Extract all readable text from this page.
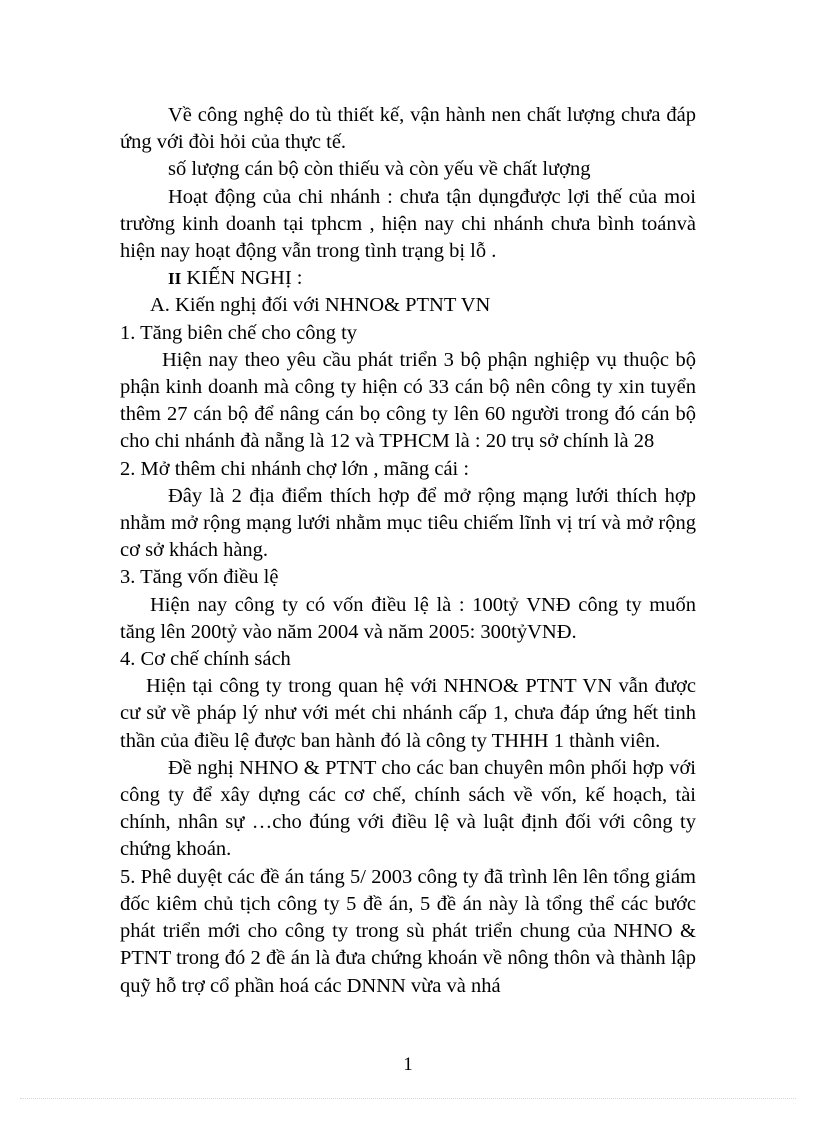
Về công nghệ do tù thiết kế, vận hành nen chất lượng chưa đáp ứng với đòi hỏi của thực tế.

số lượng cán bộ còn thiếu và còn yếu về chất lượng

Hoạt động của chi nhánh : chưa tận dụngđược lợi thế của moi trường kinh doanh tại tphcm , hiện nay chi nhánh chưa bình toánvà hiện nay hoạt động vẫn trong tình trạng bị lỗ .

II KIẾN NGHỊ :

A. Kiến nghị đối với NHNO& PTNT VN

1. Tăng biên chế cho công ty

Hiện nay theo yêu cầu phát triển 3 bộ phận nghiệp vụ thuộc bộ phận kinh doanh mà công ty hiện có 33 cán bộ nên công ty xin tuyển thêm 27 cán bộ để nâng cán bọ công ty lên 60 người trong đó cán bộ cho chi nhánh đà nẵng là 12 và TPHCM là : 20 trụ sở chính là 28

2. Mở thêm chi nhánh chợ lớn , mãng cái :

Đây là 2 địa điểm thích hợp để mở rộng mạng lưới thích hợp nhằm mở rộng mạng lưới nhằm mục tiêu chiếm lĩnh vị trí và mở rộng cơ sở khách hàng.

3. Tăng vốn điều lệ

Hiện nay công ty có vốn điều lệ là : 100tỷ VNĐ công ty muốn tăng lên 200tỷ vào năm 2004 và năm 2005: 300tỷVNĐ.

4. Cơ chế chính sách

Hiện tại công ty trong quan hệ với NHNO& PTNT VN vẫn được cư sử về pháp lý như với mét chi nhánh cấp 1, chưa đáp ứng hết tinh thần của điều lệ được ban hành đó là công ty THHH 1 thành viên.

Đề nghị NHNO & PTNT cho các ban chuyên môn phối hợp với công ty để xây dựng các cơ chế, chính sách về vốn, kế hoạch, tài chính, nhân sự …cho đúng với điều lệ và luật định đối với công ty chứng khoán.

5. Phê duyệt các đề án táng 5/ 2003 công ty đã trình lên lên tổng giám đốc kiêm chủ tịch công ty 5 đề án, 5 đề án này là tổng thể các bước phát triển mới cho công ty trong sù phát triển chung của NHNO & PTNT trong đó 2 đề án là đưa chứng khoán về nông thôn và thành lập quỹ hỗ trợ cổ phần hoá các DNNN vừa và nhá

1
